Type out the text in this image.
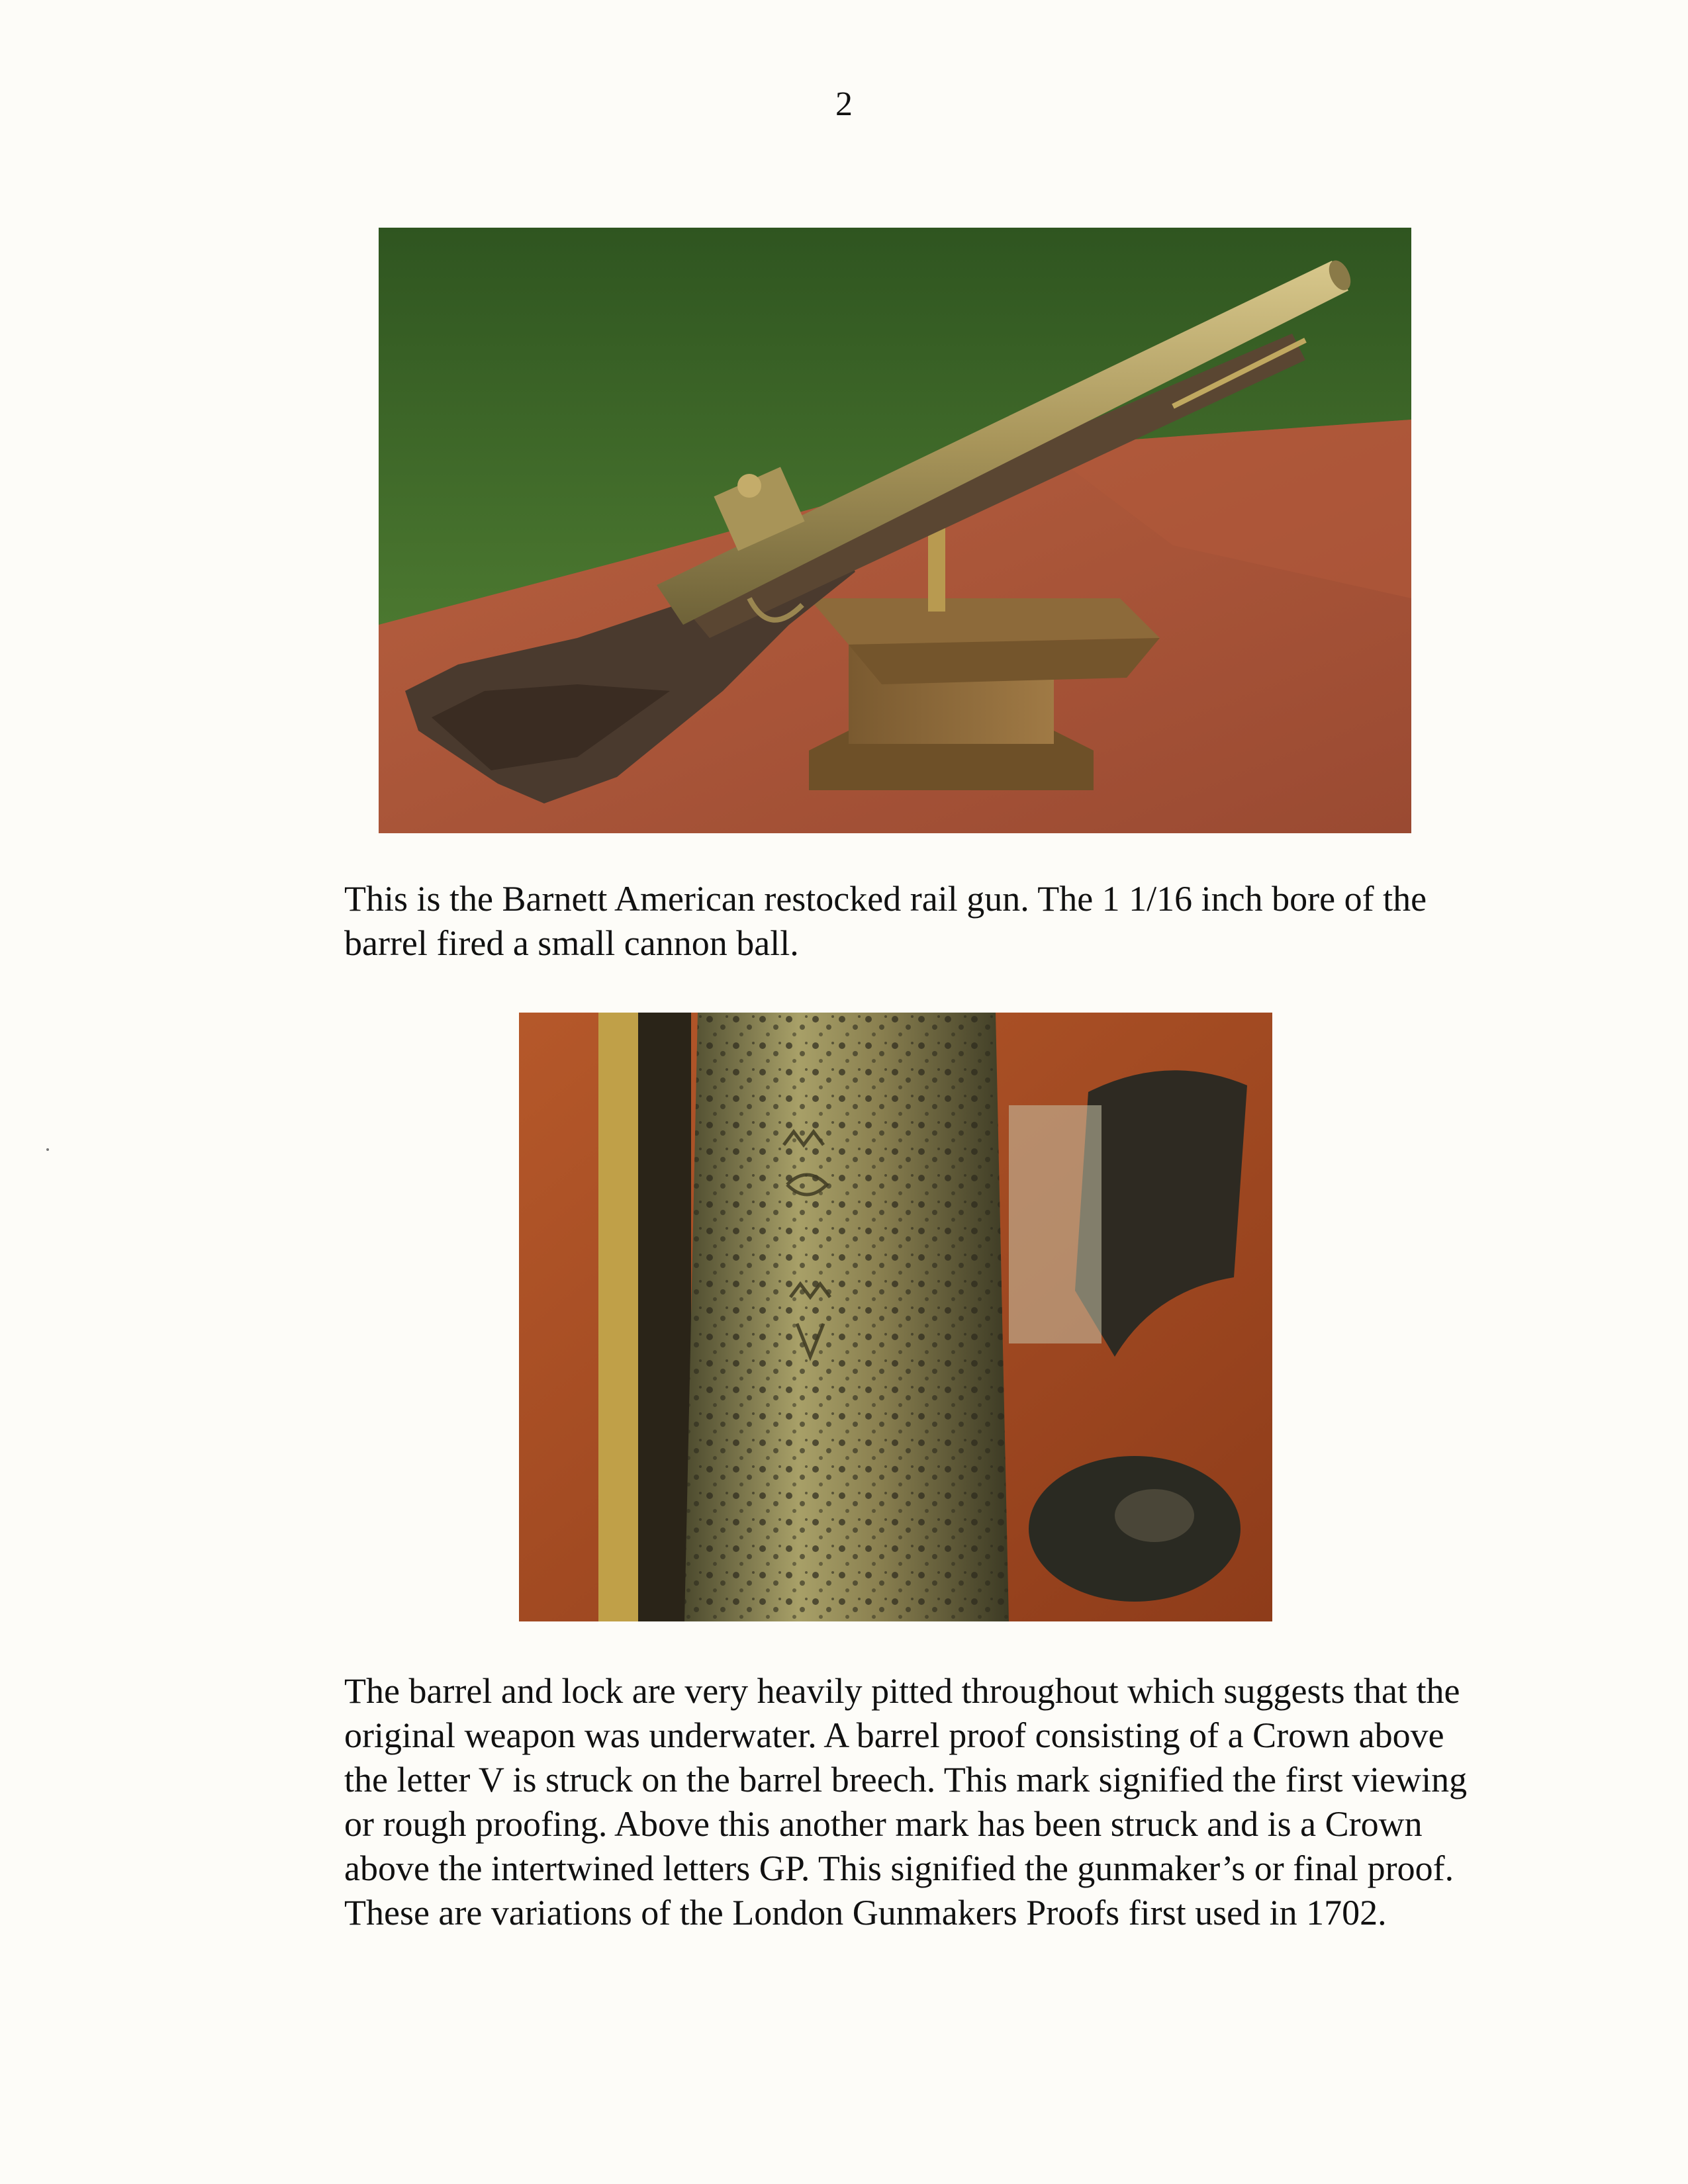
2

This is the Barnett American restocked rail gun. The 1 1/16 inch bore of the barrel fired a small cannon ball.

The barrel and lock are very heavily pitted throughout which suggests that the original weapon was underwater. A barrel proof consisting of a Crown above the letter V is struck on the barrel breech. This mark signified the first viewing or rough proofing. Above this another mark has been struck and is a Crown above the intertwined letters GP. This signified the gunmaker’s or final proof. These are variations of the London Gunmakers Proofs first used in 1702.
